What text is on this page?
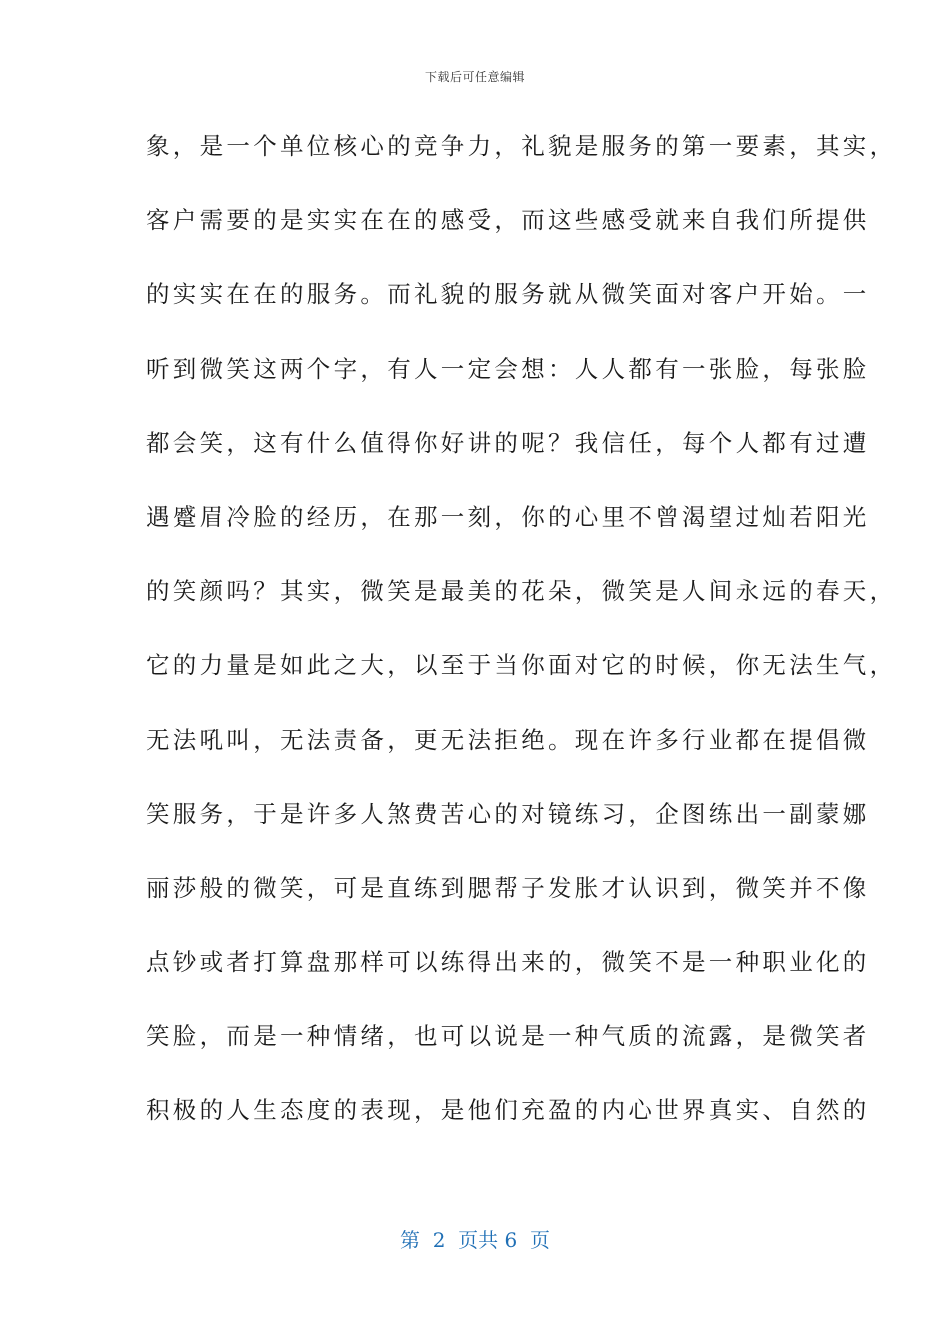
下载后可任意编辑
象，是一个单位核心的竞争力，礼貌是服务的第一要素，其实，
客户需要的是实实在在的感受，而这些感受就来自我们所提供
的实实在在的服务。而礼貌的服务就从微笑面对客户开始。一
听到微笑这两个字，有人一定会想：人人都有一张脸，每张脸
都会笑，这有什么值得你好讲的呢？我信任，每个人都有过遭
遇蹙眉冷脸的经历，在那一刻，你的心里不曾渴望过灿若阳光
的笑颜吗？其实，微笑是最美的花朵，微笑是人间永远的春天，
它的力量是如此之大，以至于当你面对它的时候，你无法生气，
无法吼叫，无法责备，更无法拒绝。现在许多行业都在提倡微
笑服务，于是许多人煞费苦心的对镜练习，企图练出一副蒙娜
丽莎般的微笑，可是直练到腮帮子发胀才认识到，微笑并不像
点钞或者打算盘那样可以练得出来的，微笑不是一种职业化的
笑脸，而是一种情绪，也可以说是一种气质的流露，是微笑者
积极的人生态度的表现，是他们充盈的内心世界真实、自然的
第  2  页共 6  页
